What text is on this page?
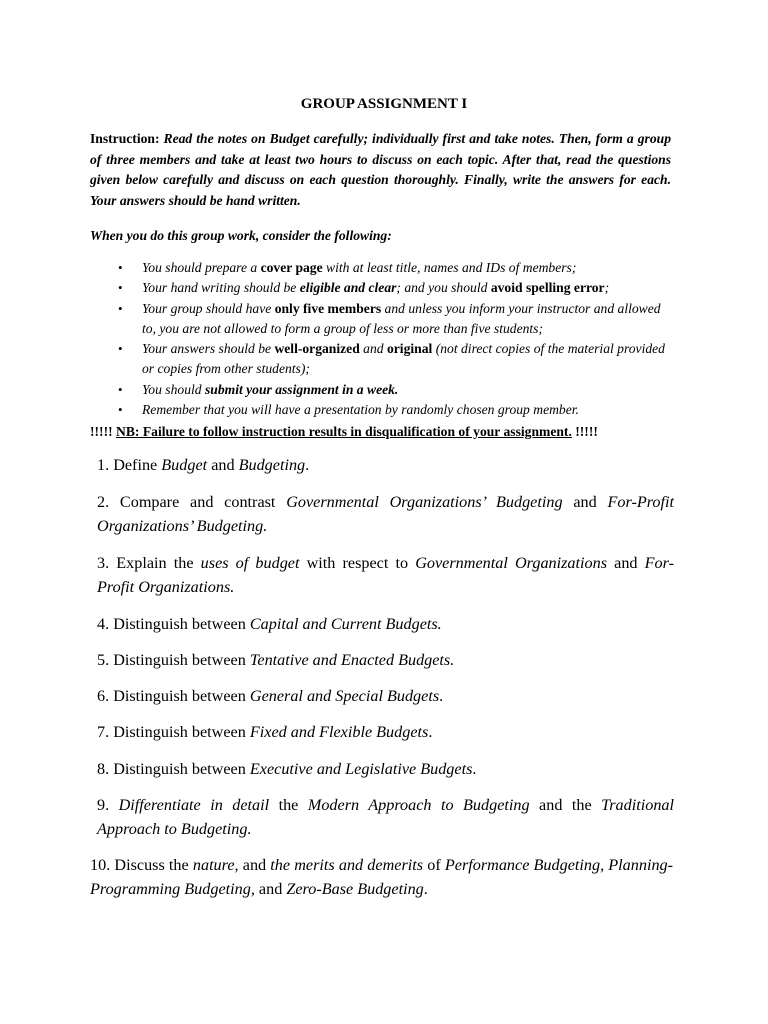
GROUP ASSIGNMENT I
Instruction: Read the notes on Budget carefully; individually first and take notes. Then, form a group of three members and take at least two hours to discuss on each topic. After that, read the questions given below carefully and discuss on each question thoroughly. Finally, write the answers for each. Your answers should be hand written.
When you do this group work, consider the following:
• You should prepare a cover page with at least title, names and IDs of members;
• Your hand writing should be eligible and clear; and you should avoid spelling error;
• Your group should have only five members and unless you inform your instructor and allowed to, you are not allowed to form a group of less or more than five students;
• Your answers should be well-organized and original (not direct copies of the material provided or copies from other students);
• You should submit your assignment in a week.
• Remember that you will have a presentation by randomly chosen group member.
!!!!! NB: Failure to follow instruction results in disqualification of your assignment. !!!!!
1. Define Budget and Budgeting.
2. Compare and contrast Governmental Organizations’ Budgeting and For-Profit Organizations’ Budgeting.
3. Explain the uses of budget with respect to Governmental Organizations and For-Profit Organizations.
4. Distinguish between Capital and Current Budgets.
5. Distinguish between Tentative and Enacted Budgets.
6. Distinguish between General and Special Budgets.
7. Distinguish between Fixed and Flexible Budgets.
8. Distinguish between Executive and Legislative Budgets.
9. Differentiate in detail the Modern Approach to Budgeting and the Traditional Approach to Budgeting.
10. Discuss the nature, and the merits and demerits of Performance Budgeting, Planning-Programming Budgeting, and Zero-Base Budgeting.
